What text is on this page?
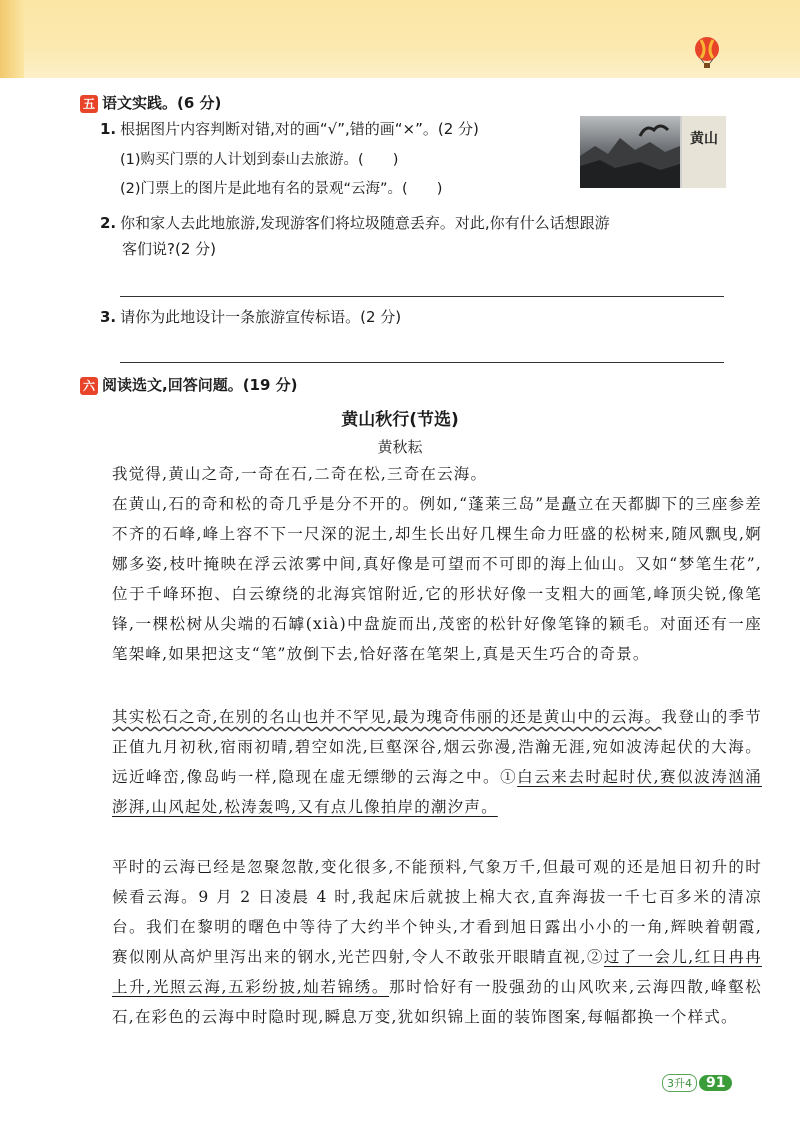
五 语文实践。(6 分)
1. 根据图片内容判断对错,对的画“√”,错的画“×”。(2 分)
(1)购买门票的人计划到泰山去旅游。(　　)
(2)门票上的图片是此地有名的景观“云海”。(　　)
黄山
2. 你和家人去此地旅游,发现游客们将垃圾随意丢弃。对此,你有什么话想跟游
客们说?(2 分)
3. 请你为此地设计一条旅游宣传标语。(2 分)
六 阅读选文,回答问题。(19 分)
黄山秋行(节选)
黄秋耘
我觉得,黄山之奇,一奇在石,二奇在松,三奇在云海。
在黄山,石的奇和松的奇几乎是分不开的。例如,“蓬莱三岛”是矗立在天都脚下的三座参差不齐的石峰,峰上容不下一尺深的泥土,却生长出好几棵生命力旺盛的松树来,随风飘曳,婀娜多姿,枝叶掩映在浮云浓雾中间,真好像是可望而不可即的海上仙山。又如“梦笔生花”,位于千峰环抱、白云缭绕的北海宾馆附近,它的形状好像一支粗大的画笔,峰顶尖锐,像笔锋,一棵松树从尖端的石罅(xià)中盘旋而出,茂密的松针好像笔锋的颖毛。对面还有一座笔架峰,如果把这支“笔”放倒下去,恰好落在笔架上,真是天生巧合的奇景。
其实松石之奇,在别的名山也并不罕见,最为瑰奇伟丽的还是黄山中的云海。我登山的季节正值九月初秋,宿雨初晴,碧空如洗,巨壑深谷,烟云弥漫,浩瀚无涯,宛如波涛起伏的大海。远近峰峦,像岛屿一样,隐现在虚无缥缈的云海之中。①白云来去时起时伏,赛似波涛汹涌澎湃,山风起处,松涛轰鸣,又有点儿像拍岸的潮汐声。
平时的云海已经是忽聚忽散,变化很多,不能预料,气象万千,但最可观的还是旭日初升的时候看云海。9 月 2 日凌晨 4 时,我起床后就披上棉大衣,直奔海拔一千七百多米的清凉台。我们在黎明的曙色中等待了大约半个钟头,才看到旭日露出小小的一角,辉映着朝霞,赛似刚从高炉里泻出来的钢水,光芒四射,令人不敢张开眼睛直视,②过了一会儿,红日冉冉上升,光照云海,五彩纷披,灿若锦绣。那时恰好有一股强劲的山风吹来,云海四散,峰壑松石,在彩色的云海中时隐时现,瞬息万变,犹如织锦上面的装饰图案,每幅都换一个样式。
3升4 91
